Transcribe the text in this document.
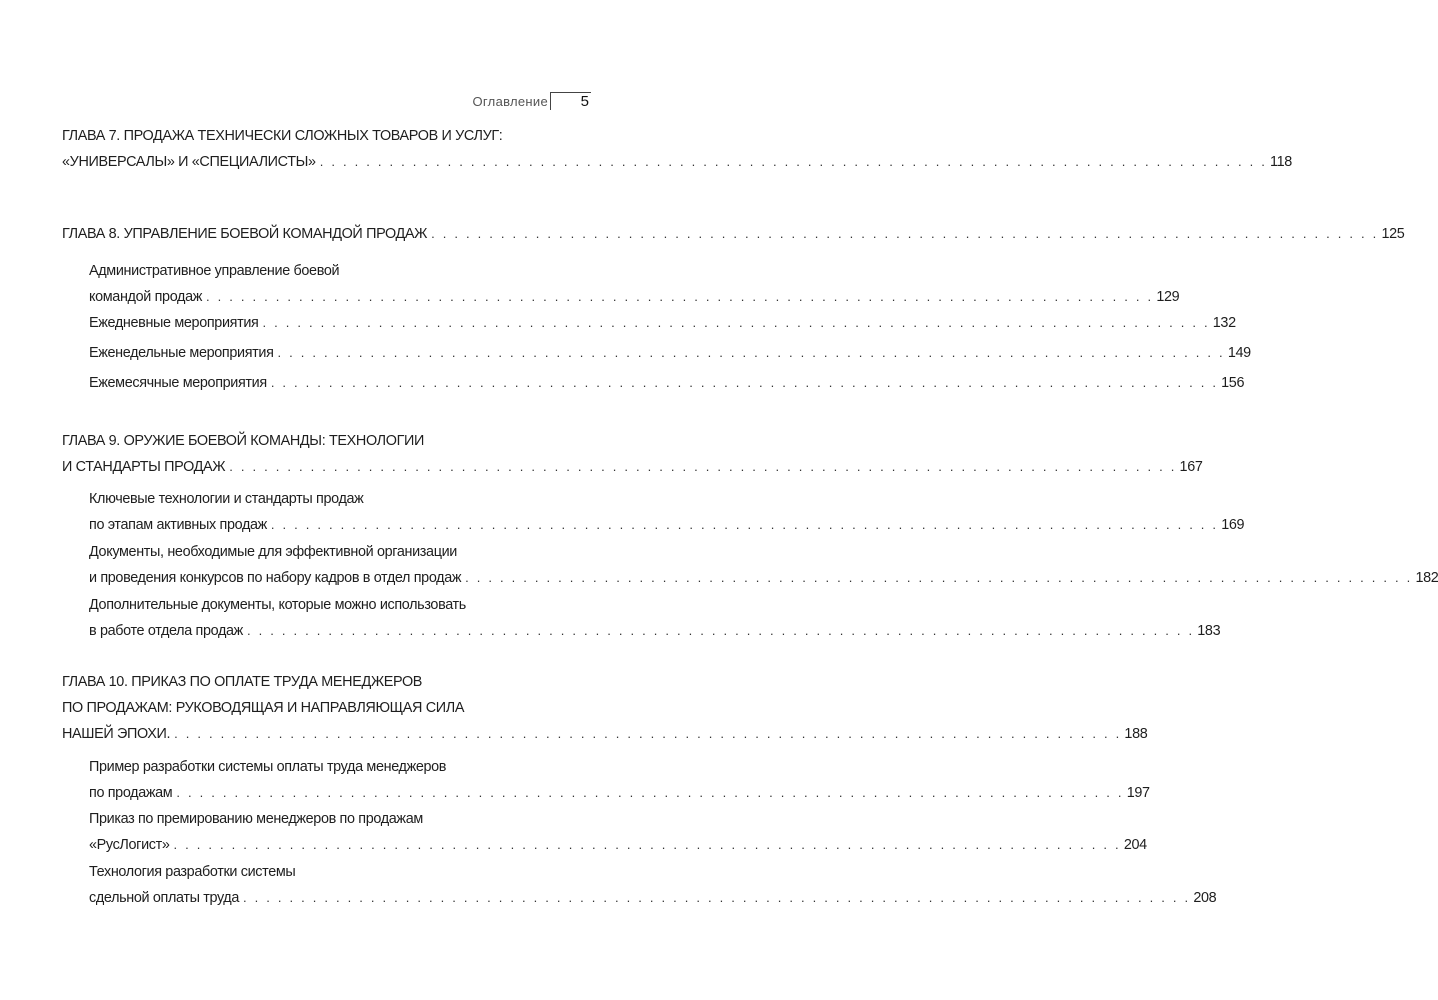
Оглавление	5
ГЛАВА 7. ПРОДАЖА ТЕХНИЧЕСКИ СЛОЖНЫХ ТОВАРОВ И УСЛУГ:
«УНИВЕРСАЛЫ» И «СПЕЦИАЛИСТЫ» . . . . . . . . . . . . . . . . . . . . . . . . . . . . . . . . . . . . . . . . . . . . . . . . . . . . . . . . . . . . . . . . . . . . . . . . . . . . . . . . . . 118
ГЛАВА 8. УПРАВЛЕНИЕ БОЕВОЙ КОМАНДОЙ ПРОДАЖ . . . . . . . . . . . . . . . . . . . . . . . . . . . . . . . . . . . . . . . . . . . . . . . . . . . . . . . . . . . . . . . . . . . . . . . . . . . . . . . . . . 125
Административное управление боевой
командой продаж . . . . . . . . . . . . . . . . . . . . . . . . . . . . . . . . . . . . . . . . . . . . . . . . . . . . . . . . . . . . . . . . . . . . . . . . . . . . . . . . . . 129
Ежедневные мероприятия . . . . . . . . . . . . . . . . . . . . . . . . . . . . . . . . . . . . . . . . . . . . . . . . . . . . . . . . . . . . . . . . . . . . . . . . . . . . . . . . . . 132
Еженедельные мероприятия . . . . . . . . . . . . . . . . . . . . . . . . . . . . . . . . . . . . . . . . . . . . . . . . . . . . . . . . . . . . . . . . . . . . . . . . . . . . . . . . . . 149
Ежемесячные мероприятия . . . . . . . . . . . . . . . . . . . . . . . . . . . . . . . . . . . . . . . . . . . . . . . . . . . . . . . . . . . . . . . . . . . . . . . . . . . . . . . . . . 156
ГЛАВА 9. ОРУЖИЕ БОЕВОЙ КОМАНДЫ: ТЕХНОЛОГИИ
И СТАНДАРТЫ ПРОДАЖ . . . . . . . . . . . . . . . . . . . . . . . . . . . . . . . . . . . . . . . . . . . . . . . . . . . . . . . . . . . . . . . . . . . . . . . . . . . . . . . . . . 167
Ключевые технологии и стандарты продаж
по этапам активных продаж . . . . . . . . . . . . . . . . . . . . . . . . . . . . . . . . . . . . . . . . . . . . . . . . . . . . . . . . . . . . . . . . . . . . . . . . . . . . . . . . . . 169
Документы, необходимые для эффективной организации
и проведения конкурсов по набору кадров в отдел продаж . . . . . . . . . . . . . . . . . . . . . . . . . . . . . . . . . . . . . . . . . . . . . . . . . . . . . . . . . . . . . . . . . . . . . . . . . . . . . . . . . . 182
Дополнительные документы, которые можно использовать
в работе отдела продаж . . . . . . . . . . . . . . . . . . . . . . . . . . . . . . . . . . . . . . . . . . . . . . . . . . . . . . . . . . . . . . . . . . . . . . . . . . . . . . . . . . 183
ГЛАВА 10. ПРИКАЗ ПО ОПЛАТЕ ТРУДА МЕНЕДЖЕРОВ
ПО ПРОДАЖАМ: РУКОВОДЯЩАЯ И НАПРАВЛЯЮЩАЯ СИЛА
НАШЕЙ ЭПОХИ. . . . . . . . . . . . . . . . . . . . . . . . . . . . . . . . . . . . . . . . . . . . . . . . . . . . . . . . . . . . . . . . . . . . . . . . . . . . . . . . . . . 188
Пример разработки системы оплаты труда менеджеров
по продажам . . . . . . . . . . . . . . . . . . . . . . . . . . . . . . . . . . . . . . . . . . . . . . . . . . . . . . . . . . . . . . . . . . . . . . . . . . . . . . . . . . 197
Приказ по премированию менеджеров по продажам
«РусЛогист» . . . . . . . . . . . . . . . . . . . . . . . . . . . . . . . . . . . . . . . . . . . . . . . . . . . . . . . . . . . . . . . . . . . . . . . . . . . . . . . . . . 204
Технология разработки системы
сдельной оплаты труда . . . . . . . . . . . . . . . . . . . . . . . . . . . . . . . . . . . . . . . . . . . . . . . . . . . . . . . . . . . . . . . . . . . . . . . . . . . . . . . . . . 208
